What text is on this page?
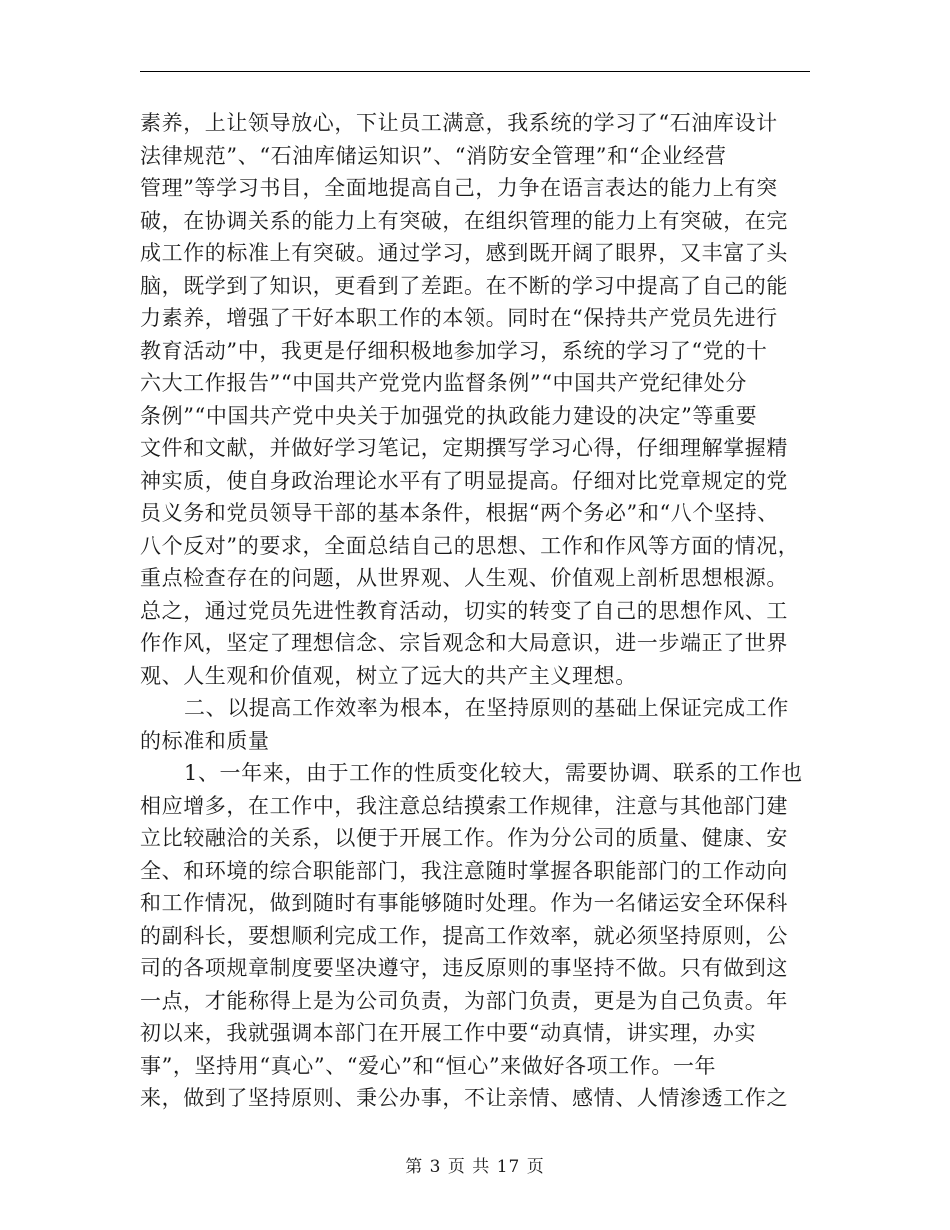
素养，上让领导放心，下让员工满意，我系统的学习了“石油库设计
法律规范”、“石油库储运知识”、“消防安全管理”和“企业经营
管理”等学习书目，全面地提高自己，力争在语言表达的能力上有突
破，在协调关系的能力上有突破，在组织管理的能力上有突破，在完
成工作的标准上有突破。通过学习，感到既开阔了眼界，又丰富了头
脑，既学到了知识，更看到了差距。在不断的学习中提高了自己的能
力素养，增强了干好本职工作的本领。同时在“保持共产党员先进行
教育活动”中，我更是仔细积极地参加学习，系统的学习了“党的十
六大工作报告”“中国共产党党内监督条例”“中国共产党纪律处分
条例”“中国共产党中央关于加强党的执政能力建设的决定”等重要
文件和文献，并做好学习笔记，定期撰写学习心得，仔细理解掌握精
神实质，使自身政治理论水平有了明显提高。仔细对比党章规定的党
员义务和党员领导干部的基本条件，根据“两个务必”和“八个坚持、
八个反对”的要求，全面总结自己的思想、工作和作风等方面的情况，
重点检查存在的问题，从世界观、人生观、价值观上剖析思想根源。
总之，通过党员先进性教育活动，切实的转变了自己的思想作风、工
作作风，坚定了理想信念、宗旨观念和大局意识，进一步端正了世界
观、人生观和价值观，树立了远大的共产主义理想。
二、以提高工作效率为根本，在坚持原则的基础上保证完成工作
的标准和质量
1、一年来，由于工作的性质变化较大，需要协调、联系的工作也
相应增多，在工作中，我注意总结摸索工作规律，注意与其他部门建
立比较融洽的关系，以便于开展工作。作为分公司的质量、健康、安
全、和环境的综合职能部门，我注意随时掌握各职能部门的工作动向
和工作情况，做到随时有事能够随时处理。作为一名储运安全环保科
的副科长，要想顺利完成工作，提高工作效率，就必须坚持原则，公
司的各项规章制度要坚决遵守，违反原则的事坚持不做。只有做到这
一点，才能称得上是为公司负责，为部门负责，更是为自己负责。年
初以来，我就强调本部门在开展工作中要“动真情，讲实理，办实
事”，坚持用“真心”、“爱心”和“恒心”来做好各项工作。一年
来，做到了坚持原则、秉公办事，不让亲情、感情、人情渗透工作之
第 3 页 共 17 页
